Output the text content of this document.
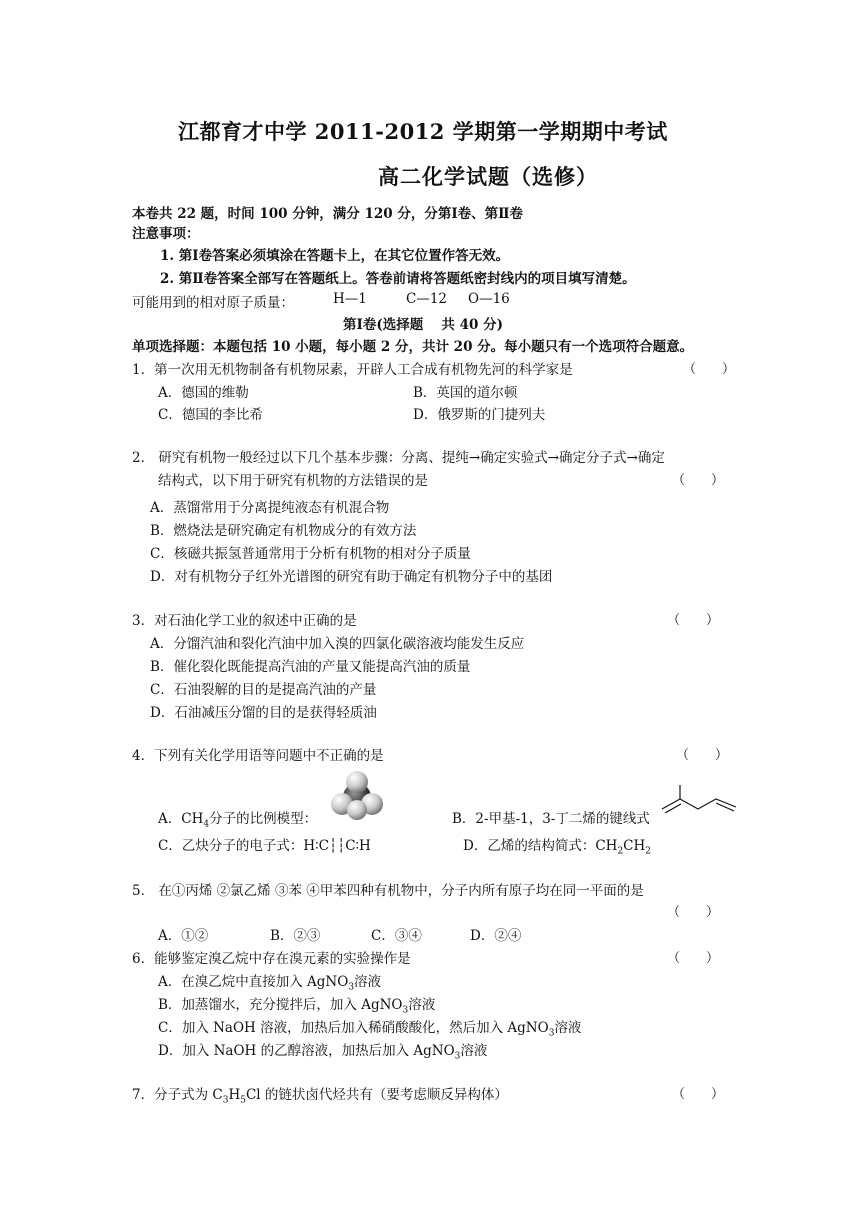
江都育才中学 2011-2012 学期第一学期期中考试
高二化学试题（选修）
本卷共 22 题，时间 100 分钟，满分 120 分，分第Ⅰ卷、第Ⅱ卷
注意事项：
1. 第Ⅰ卷答案必须填涂在答题卡上，在其它位置作答无效。
2. 第Ⅱ卷答案全部写在答题纸上。答卷前请将答题纸密封线内的项目填写清楚。
可能用到的相对原子质量：	H—1	C—12 O—16
第Ⅰ卷(选择题　 共 40 分)
单项选择题：本题包括 10 小题，每小题 2 分，共计 20 分。每小题只有一个选项符合题意。
1．第一次用无机物制备有机物尿素，开辟人工合成有机物先河的科学家是	（　　）
A．德国的维勒	B．英国的道尔顿
C．德国的李比希	D．俄罗斯的门捷列夫
2． 研究有机物一般经过以下几个基本步骤：分离、提纯→确定实验式→确定分子式→确定
结构式，以下用于研究有机物的方法错误的是	（　　）
A．蒸馏常用于分离提纯液态有机混合物
B．燃烧法是研究确定有机物成分的有效方法
C．核磁共振氢普通常用于分析有机物的相对分子质量
D．对有机物分子红外光谱图的研究有助于确定有机物分子中的基团
3．对石油化学工业的叙述中正确的是	（　　）
A．分馏汽油和裂化汽油中加入溴的四氯化碳溶液均能发生反应
B．催化裂化既能提高汽油的产量又能提高汽油的质量
C．石油裂解的目的是提高汽油的产量
D．石油减压分馏的目的是获得轻质油
4．下列有关化学用语等问题中不正确的是	（　　）
A．$CH_4$分子的比例模型：	B．2-甲基-1，3-丁二烯的键线式
C．乙炔分子的电子式：H∶C┆┆C∶H	D．乙烯的结构简式：$CH_2CH_2$
5． 在①丙烯 ②氯乙烯 ③苯 ④甲苯四种有机物中，分子内所有原子均在同一平面的是
（　　）
A．①②	B．②③	C．③④	D．②④
6．能够鉴定溴乙烷中存在溴元素的实验操作是	（　　）
A．在溴乙烷中直接加入 AgNO$_3$溶液
B．加蒸馏水，充分搅拌后，加入 AgNO$_3$溶液
C．加入 NaOH 溶液，加热后加入稀硝酸酸化，然后加入 AgNO$_3$溶液
D．加入 NaOH 的乙醇溶液，加热后加入 AgNO$_3$溶液
7．分子式为 $C_3H_5Cl$ 的链状卤代烃共有（要考虑顺反异构体）	（　　）
